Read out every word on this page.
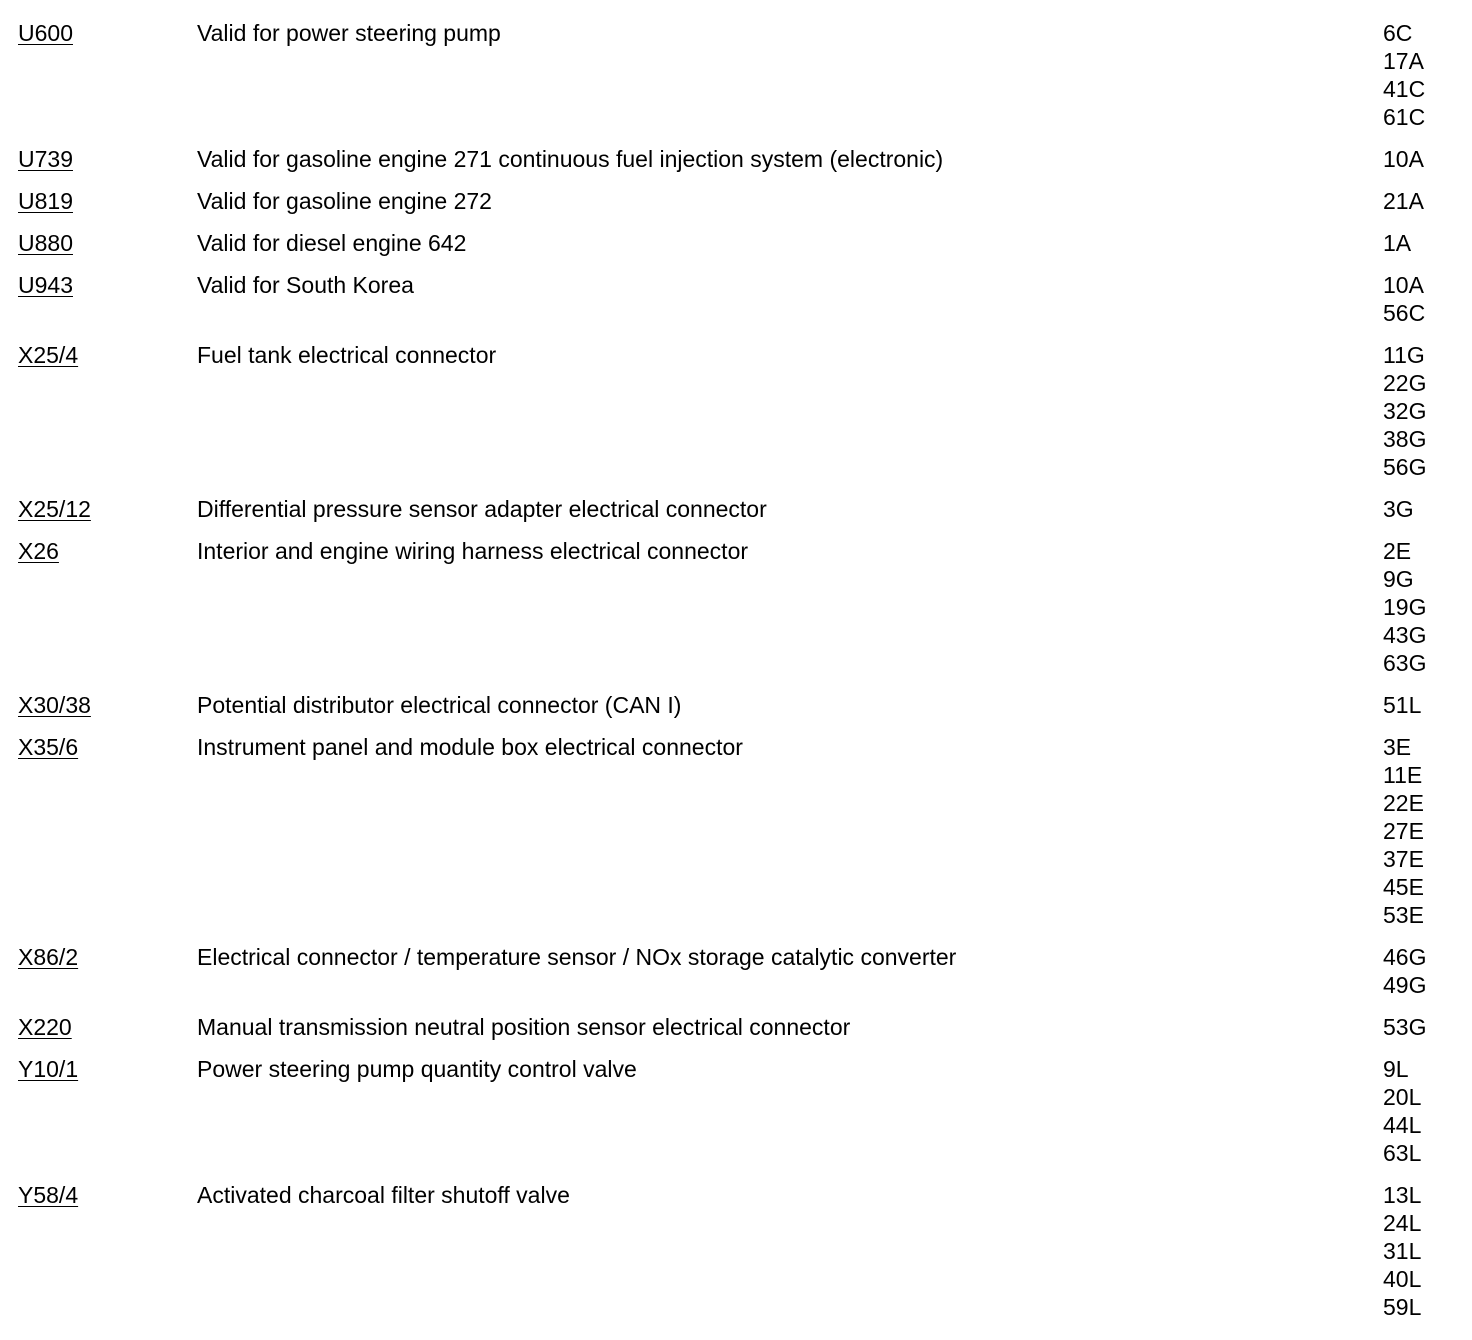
U600	Valid for power steering pump	6C
17A
41C
61C
U739	Valid for gasoline engine 271 continuous fuel injection system (electronic)	10A
U819	Valid for gasoline engine 272	21A
U880	Valid for diesel engine 642	1A
U943	Valid for South Korea	10A
56C
X25/4	Fuel tank electrical connector	11G
22G
32G
38G
56G
X25/12	Differential pressure sensor adapter electrical connector	3G
X26	Interior and engine wiring harness electrical connector	2E
9G
19G
43G
63G
X30/38	Potential distributor electrical connector (CAN I)	51L
X35/6	Instrument panel and module box electrical connector	3E
11E
22E
27E
37E
45E
53E
X86/2	Electrical connector / temperature sensor / NOx storage catalytic converter	46G
49G
X220	Manual transmission neutral position sensor electrical connector	53G
Y10/1	Power steering pump quantity control valve	9L
20L
44L
63L
Y58/4	Activated charcoal filter shutoff valve	13L
24L
31L
40L
59L
